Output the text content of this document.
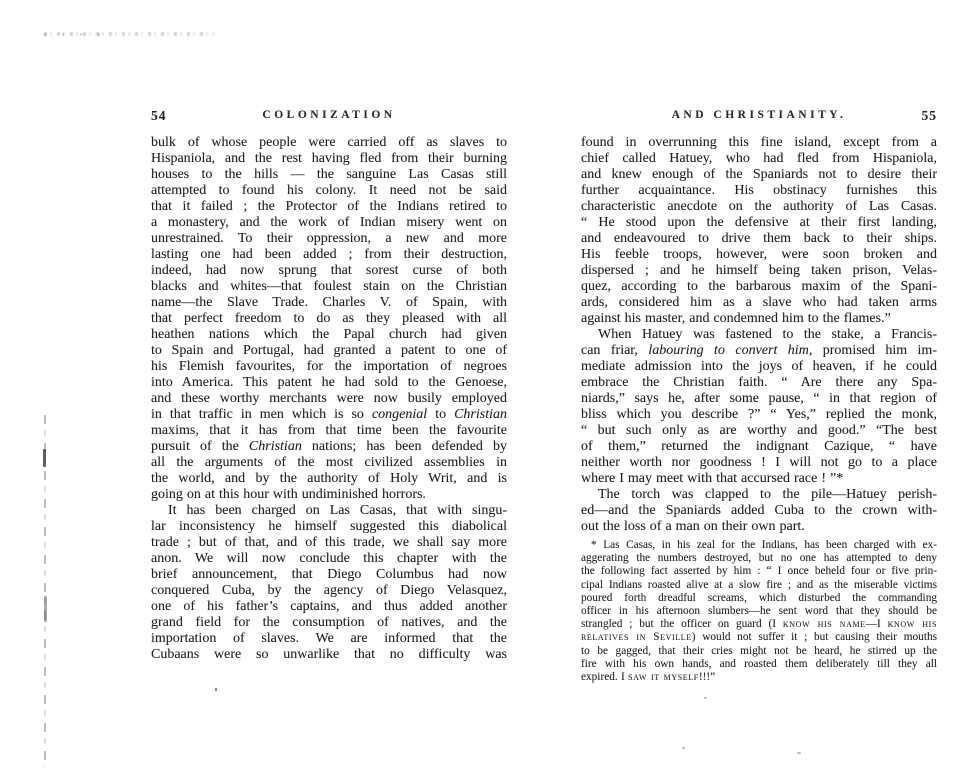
54	COLONIZATION
bulk of whose people were carried off as slaves to
Hispaniola, and the rest having fled from their burning
houses to the hills — the sanguine Las Casas still
attempted to found his colony. It need not be said
that it failed ; the Protector of the Indians retired to
a monastery, and the work of Indian misery went on
unrestrained. To their oppression, a new and more
lasting one had been added ; from their destruction,
indeed, had now sprung that sorest curse of both
blacks and whites—that foulest stain on the Christian
name—the Slave Trade. Charles V. of Spain, with
that perfect freedom to do as they pleased with all
heathen nations which the Papal church had given
to Spain and Portugal, had granted a patent to one of
his Flemish favourites, for the importation of negroes
into America. This patent he had sold to the Genoese,
and these worthy merchants were now busily employed
in that traffic in men which is so congenial to Christian
maxims, that it has from that time been the favourite
pursuit of the Christian nations; has been defended by
all the arguments of the most civilized assemblies in
the world, and by the authority of Holy Writ, and is
going on at this hour with undiminished horrors.
It has been charged on Las Casas, that with singu-
lar inconsistency he himself suggested this diabolical
trade ; but of that, and of this trade, we shall say more
anon. We will now conclude this chapter with the
brief announcement, that Diego Columbus had now
conquered Cuba, by the agency of Diego Velasquez,
one of his father’s captains, and thus added another
grand field for the consumption of natives, and the
importation of slaves. We are informed that the
Cubaans were so unwarlike that no difficulty was
AND CHRISTIANITY.	55
found in overrunning this fine island, except from a
chief called Hatuey, who had fled from Hispaniola,
and knew enough of the Spaniards not to desire their
further acquaintance. His obstinacy furnishes this
characteristic anecdote on the authority of Las Casas.
“ He stood upon the defensive at their first landing,
and endeavoured to drive them back to their ships.
His feeble troops, however, were soon broken and
dispersed ; and he himself being taken prison, Velas-
quez, according to the barbarous maxim of the Spani-
ards, considered him as a slave who had taken arms
against his master, and condemned him to the flames.”
When Hatuey was fastened to the stake, a Francis-
can friar, labouring to convert him, promised him im-
mediate admission into the joys of heaven, if he could
embrace the Christian faith. “ Are there any Spa-
niards,” says he, after some pause, “ in that region of
bliss which you describe ?” “ Yes,” replied the monk,
“ but such only as are worthy and good.” “The best
of them,” returned the indignant Cazique, “ have
neither worth nor goodness ! I will not go to a place
where I may meet with that accursed race ! ”*
The torch was clapped to the pile—Hatuey perish-
ed—and the Spaniards added Cuba to the crown with-
out the loss of a man on their own part.
* Las Casas, in his zeal for the Indians, has been charged with ex-
aggerating the numbers destroyed, but no one has attempted to deny
the following fact asserted by him : “ I once beheld four or five prin-
cipal Indians roasted alive at a slow fire ; and as the miserable victims
poured forth dreadful screams, which disturbed the commanding
officer in his afternoon slumbers—he sent word that they should be
strangled ; but the officer on guard (I know his name—I know his
relatives in Seville) would not suffer it ; but causing their mouths
to be gagged, that their cries might not be heard, he stirred up the
fire with his own hands, and roasted them deliberately till they all
expired. I saw it myself!!!”
